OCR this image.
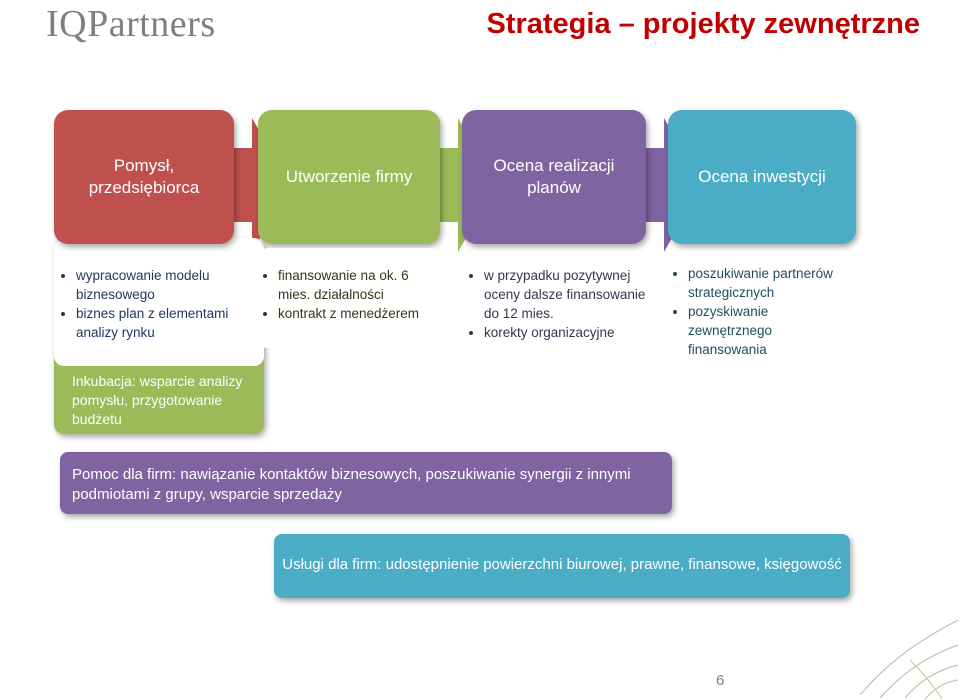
IQPartners	Strategia – projekty zewnętrzne
Pomysł, przedsiębiorca
Utworzenie firmy
Ocena realizacji planów
Ocena inwestycji
• wypracowanie modelu biznesowego
• biznes plan z elementami analizy rynku
• finansowanie na ok. 6 mies. działalności
• kontrakt z menedżerem
• w przypadku pozytywnej oceny dalsze finansowanie do 12 mies.
• korekty organizacyjne
• poszukiwanie partnerów strategicznych
• pozyskiwanie zewnętrznego finansowania
Inkubacja: wsparcie analizy pomysłu, przygotowanie budżetu
Pomoc dla firm: nawiązanie kontaktów biznesowych, poszukiwanie synergii z innymi podmiotami z grupy, wsparcie sprzedaży
Usługi dla firm: udostępnienie powierzchni biurowej, prawne, finansowe, księgowość
6
